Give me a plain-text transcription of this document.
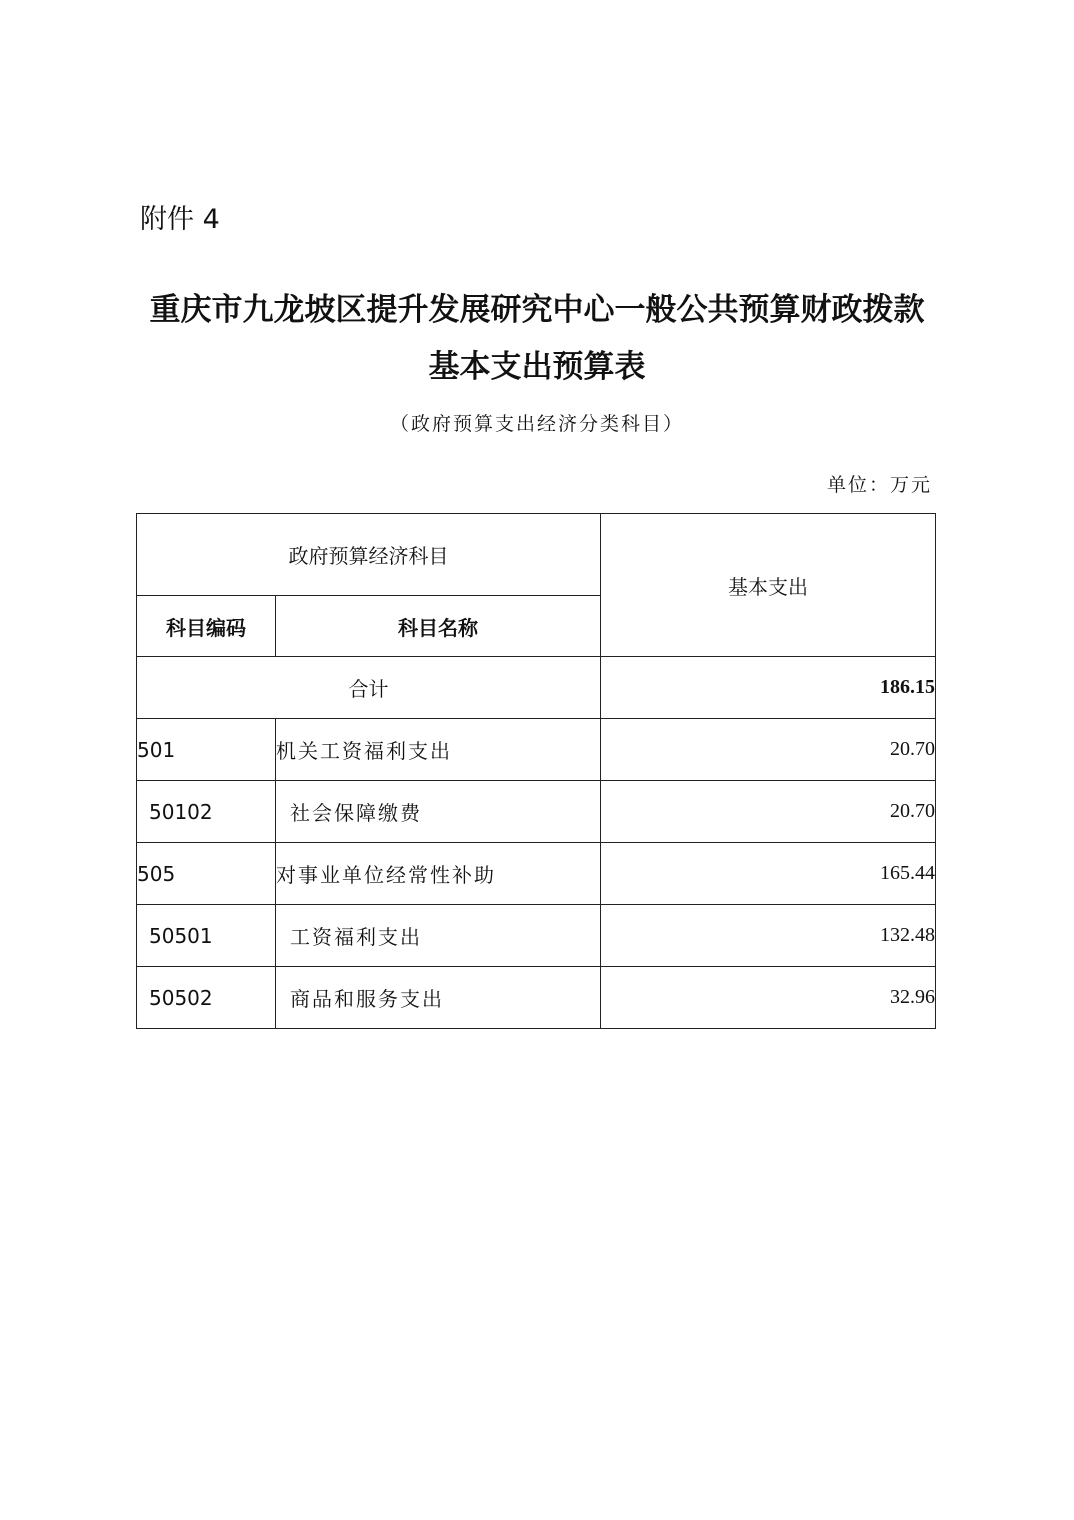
附件 4
重庆市九龙坡区提升发展研究中心一般公共预算财政拨款
基本支出预算表
（政府预算支出经济分类科目）
单位：万元
政府预算经济科目		基本支出
科目编码	科目名称	
合计		186.15
501	机关工资福利支出	20.70
50102	社会保障缴费	20.70
505	对事业单位经常性补助	165.44
50501	工资福利支出	132.48
50502	商品和服务支出	32.96
